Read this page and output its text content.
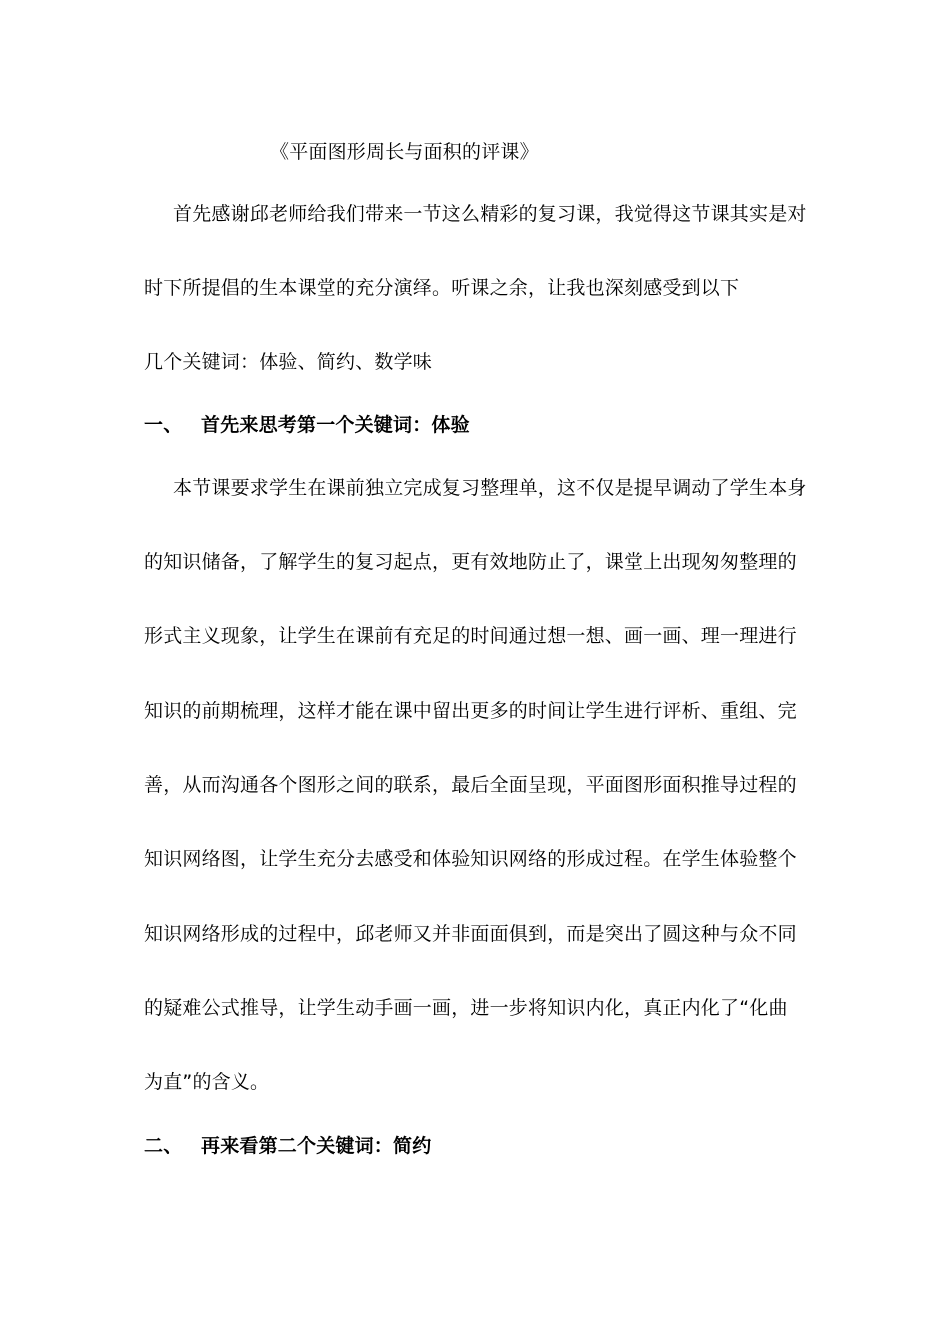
《平面图形周长与面积的评课》
首先感谢邱老师给我们带来一节这么精彩的复习课，我觉得这节课其实是对
时下所提倡的生本课堂的充分演绎。听课之余，让我也深刻感受到以下
几个关键词：体验、简约、数学味
一、 首先来思考第一个关键词：体验
本节课要求学生在课前独立完成复习整理单，这不仅是提早调动了学生本身
的知识储备，了解学生的复习起点，更有效地防止了，课堂上出现匆匆整理的
形式主义现象，让学生在课前有充足的时间通过想一想、画一画、理一理进行
知识的前期梳理，这样才能在课中留出更多的时间让学生进行评析、重组、完
善，从而沟通各个图形之间的联系，最后全面呈现，平面图形面积推导过程的
知识网络图，让学生充分去感受和体验知识网络的形成过程。在学生体验整个
知识网络形成的过程中，邱老师又并非面面俱到，而是突出了圆这种与众不同
的疑难公式推导，让学生动手画一画，进一步将知识内化，真正内化了“化曲
为直”的含义。
二、 再来看第二个关键词：简约
